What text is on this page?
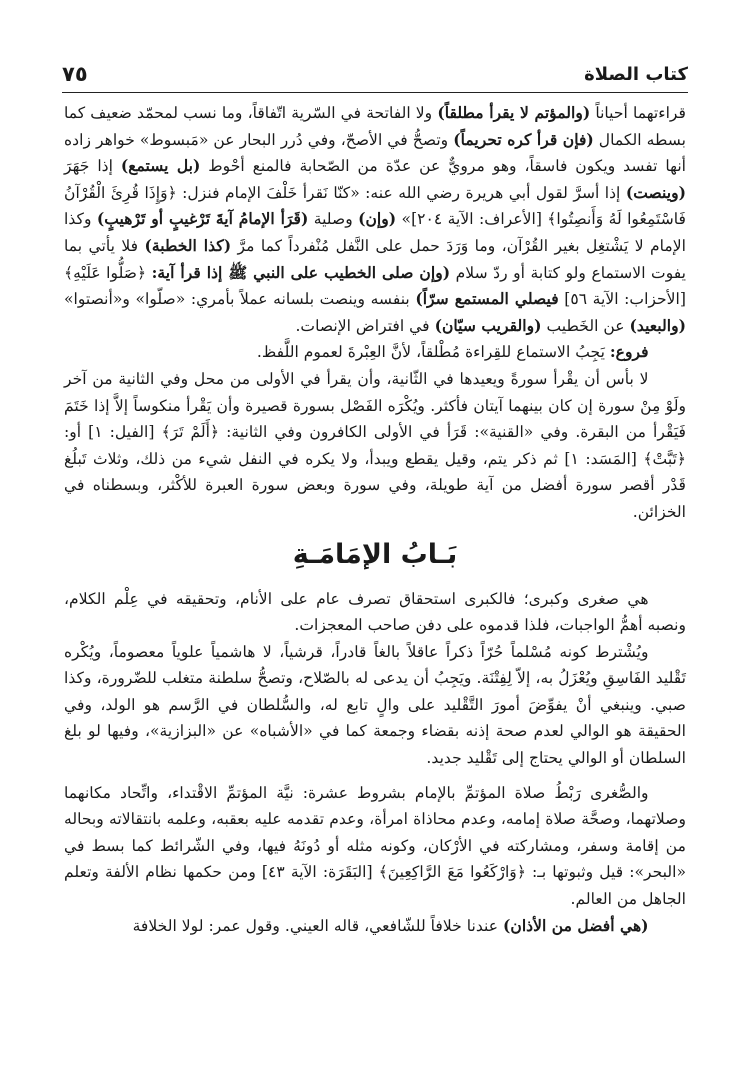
٧٥	كتاب الصلاة

قراءتهما أحياناً (والمؤتم لا يقرأ مطلقاً) ولا الفاتحة في السّرية اتّفاقاً، وما نسب لمحمّد ضعيف كما بسطه الكمال (فإن قرأ كره تحريماً) وتصحُّ في الأصحّ، وفي دُرر البحار عن «مَبسوط» خواهر زاده أنها تفسد ويكون فاسقاً، وهو مرويٌّ عن عدّة من الصّحابة فالمنع أحْوط (بل يستمع) إذا جَهَرَ (وينصت) إذا أسرَّ لقول أبي هريرة رضي الله عنه: «كنّا نَقرأ خَلْفَ الإمام فنزل: ﴿وَإِذَا قُرِئَ الْقُرْآنُ فَاسْتَمِعُوا لَهُ وَأَنصِتُوا﴾ [الأعراف: الآية ٢٠٤]» (وإن) وصلية (قَرَأ الإمامُ آيةَ تَرْغيبٍ أو تَرْهيبٍ) وكذا الإمام لا يَشْتغِل بغير القُرْآن، وما وَرَدَ حمل على النَّفل مُنْفرداً كما مرَّ (كذا الخطبة) فلا يأتي بما يفوت الاستماع ولو كتابة أو ردّ سلام (وإن صلى الخطيب على النبي ﷺ إذا قرأ آية: ﴿صَلُّوا عَلَيْهِ﴾ [الأحزاب: الآية ٥٦] فيصلي المستمع سرّاً) بنفسه وينصت بلسانه عملاً بأمري: «صلّوا» و«أنصتوا» (والبعيد) عن الخَطيب (والقريب سيّان) في افتراض الإنصات.

فروع: يَجِبُ الاستماع للقِراءة مُطْلقاً، لأنَّ العِبْرةَ لعموم اللَّفظ.

لا بأس أن يقْرأ سورةً ويعيدها في الثّانية، وأن يقرأ في الأولى من محل وفي الثانية من آخر ولَوْ مِنْ سورة إن كان بينهما آيتان فأكثر. ويُكْرَه الفَصْل بسورة قصيرة وأن يَقْرأ منكوساً إلاَّ إذا خَتَمَ فَيَقْرأ من البقرة. وفي «القنية»: قَرَأ في الأولى الكافرون وفي الثانية: ﴿أَلَمْ تَرَ﴾ [الفيل: ١] أو: ﴿تَبَّتْ﴾ [المَسَد: ١] ثم ذكر يتم، وقيل يقطع ويبدأ، ولا يكره في النفل شيء من ذلك، وثلاث تَبلُغ قَدْر أقصر سورة أفضل من آية طويلة، وفي سورة وبعض سورة العبرة للأكْثر، وبسطناه في الخزائن.

بَـابُ الإمَامَـةِ

هي صغرى وكبرى؛ فالكبرى استحقاق تصرف عام على الأنام، وتحقيقه في عِلْم الكلام، ونصبه أهمُّ الواجبات، فلذا قدموه على دفن صاحب المعجزات.

ويُشْترط كونه مُسْلماً حُرّاً ذكراً عاقلاً بالغاً قادراً، قرشياً، لا هاشمياً علوياً معصوماً، ويُكْره تَقْليد الفَاسِقِ ويُعْزَلُ به، إلاّ لِفِتْنَة. ويَجِبُ أن يدعى له بالصّلاح، وتصحُّ سلطنة متغلب للضّرورة، وكذا صبي. وينبغي أنْ يفوِّضَ أمورَ التَّقْليد على والٍ تابع له، والسُّلطان في الرَّسم هو الولد، وفي الحقيقة هو الوالي لعدم صحة إذنه بقضاء وجمعة كما في «الأشباه» عن «البزازية»، وفيها لو بلغ السلطان أو الوالي يحتاج إلى تَقْليد جديد.

والصُّغرى رَبْطُ صلاة المؤتمِّ بالإمام بشروط عشرة: نيَّة المؤتمِّ الاقْتداء، واتِّحاد مكانهما وصلاتهما، وصحَّة صلاة إمامه، وعدم محاذاة امرأة، وعدم تقدمه عليه بعقبه، وعلمه بانتقالاته وبحاله من إقامة وسفر، ومشاركته في الأرْكان، وكونه مثله أو دُونَهُ فيها، وفي الشّرائط كما بسط في «البحر»: قيل وثبوتها بـ: ﴿وَارْكَعُوا مَعَ الرَّاكِعِينَ﴾ [البَقَرَة: الآية ٤٣] ومن حكمها نظام الألفة وتعلم الجاهل من العالم.

(هي أفضل من الأذان) عندنا خلافاً للشّافعي، قاله العيني. وقول عمر: لولا الخلافة
